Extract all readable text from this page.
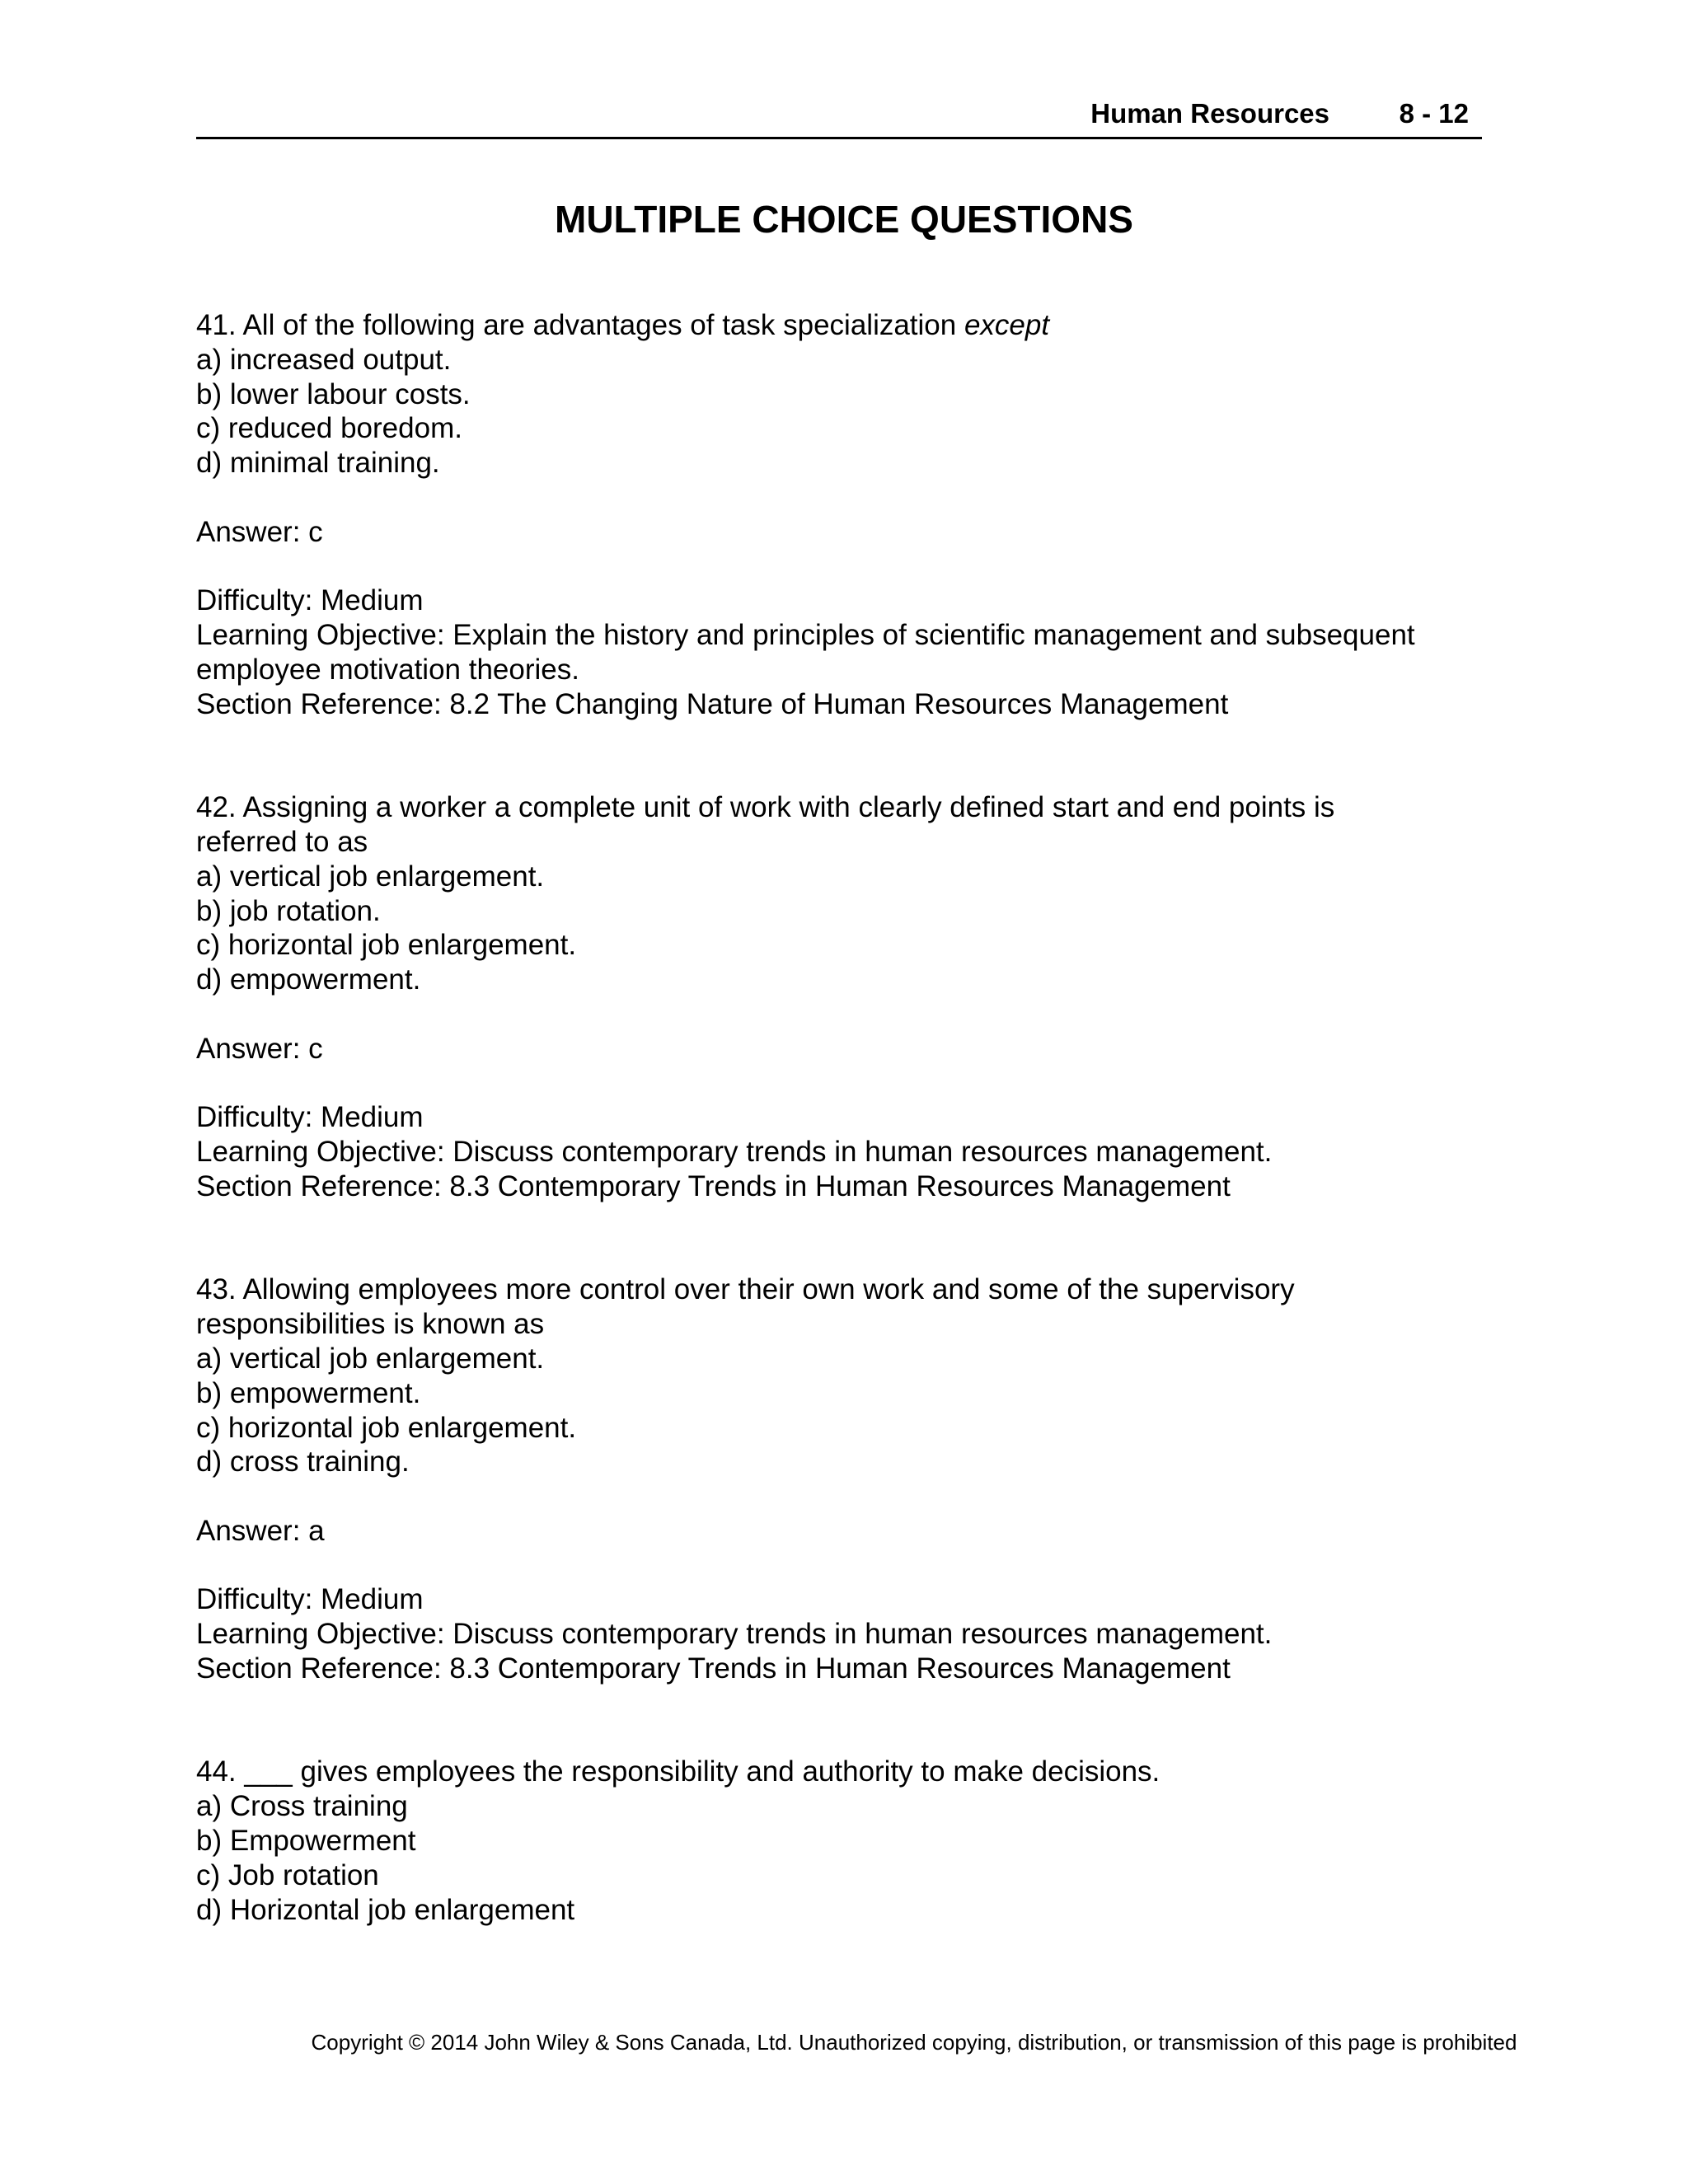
Human Resources	8 - 12
MULTIPLE CHOICE QUESTIONS
41. All of the following are advantages of task specialization except
a) increased output.
b) lower labour costs.
c) reduced boredom.
d) minimal training.
Answer: c
Difficulty: Medium
Learning Objective: Explain the history and principles of scientific management and subsequent
employee motivation theories.
Section Reference: 8.2 The Changing Nature of Human Resources Management
42. Assigning a worker a complete unit of work with clearly defined start and end points is
referred to as
a) vertical job enlargement.
b) job rotation.
c) horizontal job enlargement.
d) empowerment.
Answer: c
Difficulty: Medium
Learning Objective: Discuss contemporary trends in human resources management.
Section Reference: 8.3 Contemporary Trends in Human Resources Management
43. Allowing employees more control over their own work and some of the supervisory
responsibilities is known as
a) vertical job enlargement.
b) empowerment.
c) horizontal job enlargement.
d) cross training.
Answer: a
Difficulty: Medium
Learning Objective: Discuss contemporary trends in human resources management.
Section Reference: 8.3 Contemporary Trends in Human Resources Management
44. ___ gives employees the responsibility and authority to make decisions.
a) Cross training
b) Empowerment
c) Job rotation
d) Horizontal job enlargement
Copyright © 2014 John Wiley & Sons Canada, Ltd. Unauthorized copying, distribution, or transmission of this page is prohibited
